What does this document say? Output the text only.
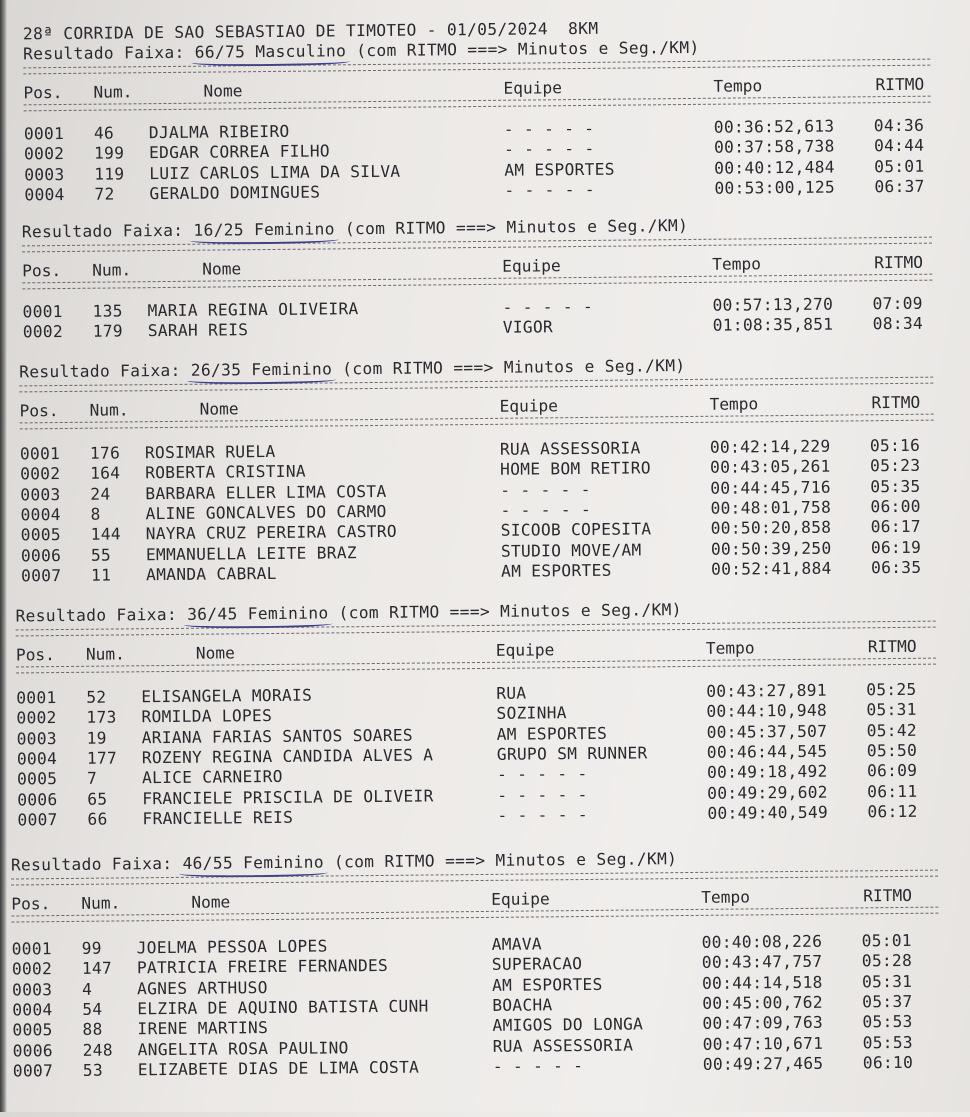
28ª CORRIDA DE SAO SEBASTIAO DE TIMOTEO - 01/05/2024  8KM
Resultado Faixa: 66/75 Masculino
(com RITMO ===> Minutos e Seg./KM)
Pos. Num.	Nome	Equipe	Tempo	RITMO
0001 46 DJALMA RIBEIRO	- - - - -	00:36:52,613 04:36
0002 199 EDGAR CORREA FILHO	- - - - -	00:37:58,738 04:44
0003 119 LUIZ CARLOS LIMA DA SILVA	AM ESPORTES	00:40:12,484 05:01
0004 72 GERALDO DOMINGUES	- - - - -	00:53:00,125 06:37
Resultado Faixa: 16/25 Feminino
(com RITMO ===> Minutos e Seg./KM)
Pos. Num.	Nome	Equipe	Tempo	RITMO
0001 135 MARIA REGINA OLIVEIRA	- - - - -	00:57:13,270 07:09
0002 179 SARAH REIS	VIGOR	01:08:35,851 08:34
Resultado Faixa: 26/35 Feminino
(com RITMO ===> Minutos e Seg./KM)
Pos. Num.	Nome	Equipe	Tempo	RITMO
0001 176 ROSIMAR RUELA	RUA ASSESSORIA	00:42:14,229 05:16
0002 164 ROBERTA CRISTINA	HOME BOM RETIRO	00:43:05,261 05:23
0003 24 BARBARA ELLER LIMA COSTA	- - - - -	00:44:45,716 05:35
0004 8	ALINE GONCALVES DO CARMO	- - - - -	00:48:01,758 06:00
0005 144 NAYRA CRUZ PEREIRA CASTRO	SICOOB COPESITA	00:50:20,858 06:17
0006 55 EMMANUELLA LEITE BRAZ	STUDIO MOVE/AM	00:50:39,250 06:19
0007 11 AMANDA CABRAL	AM ESPORTES	00:52:41,884 06:35
Resultado Faixa: 36/45 Feminino
(com RITMO ===> Minutos e Seg./KM)
Pos. Num.	Nome	Equipe	Tempo	RITMO
0001 52 ELISANGELA MORAIS	RUA	00:43:27,891 05:25
0002 173 ROMILDA LOPES	SOZINHA	00:44:10,948 05:31
0003 19 ARIANA FARIAS SANTOS SOARES	AM ESPORTES	00:45:37,507 05:42
0004 177 ROZENY REGINA CANDIDA ALVES A	GRUPO SM RUNNER	00:46:44,545 05:50
0005 7	ALICE CARNEIRO	- - - - -	00:49:18,492 06:09
0006 65 FRANCIELE PRISCILA DE OLIVEIR	- - - - -	00:49:29,602 06:11
0007 66 FRANCIELLE REIS	- - - - -	00:49:40,549 06:12
Resultado Faixa: 46/55 Feminino
(com RITMO ===> Minutos e Seg./KM)
Pos. Num.	Nome	Equipe	Tempo	RITMO
0001 99 JOELMA PESSOA LOPES	AMAVA	00:40:08,226 05:01
0002 147 PATRICIA FREIRE FERNANDES	SUPERACAO	00:43:47,757 05:28
0003 4	AGNES ARTHUSO	AM ESPORTES	00:44:14,518 05:31
0004 54 ELZIRA DE AQUINO BATISTA CUNH	BOACHA	00:45:00,762 05:37
0005 88 IRENE MARTINS	AMIGOS DO LONGA	00:47:09,763 05:53
0006 248 ANGELITA ROSA PAULINO	RUA ASSESSORIA	00:47:10,671 05:53
0007 53 ELIZABETE DIAS DE LIMA COSTA	- - - - -	00:49:27,465 06:10
